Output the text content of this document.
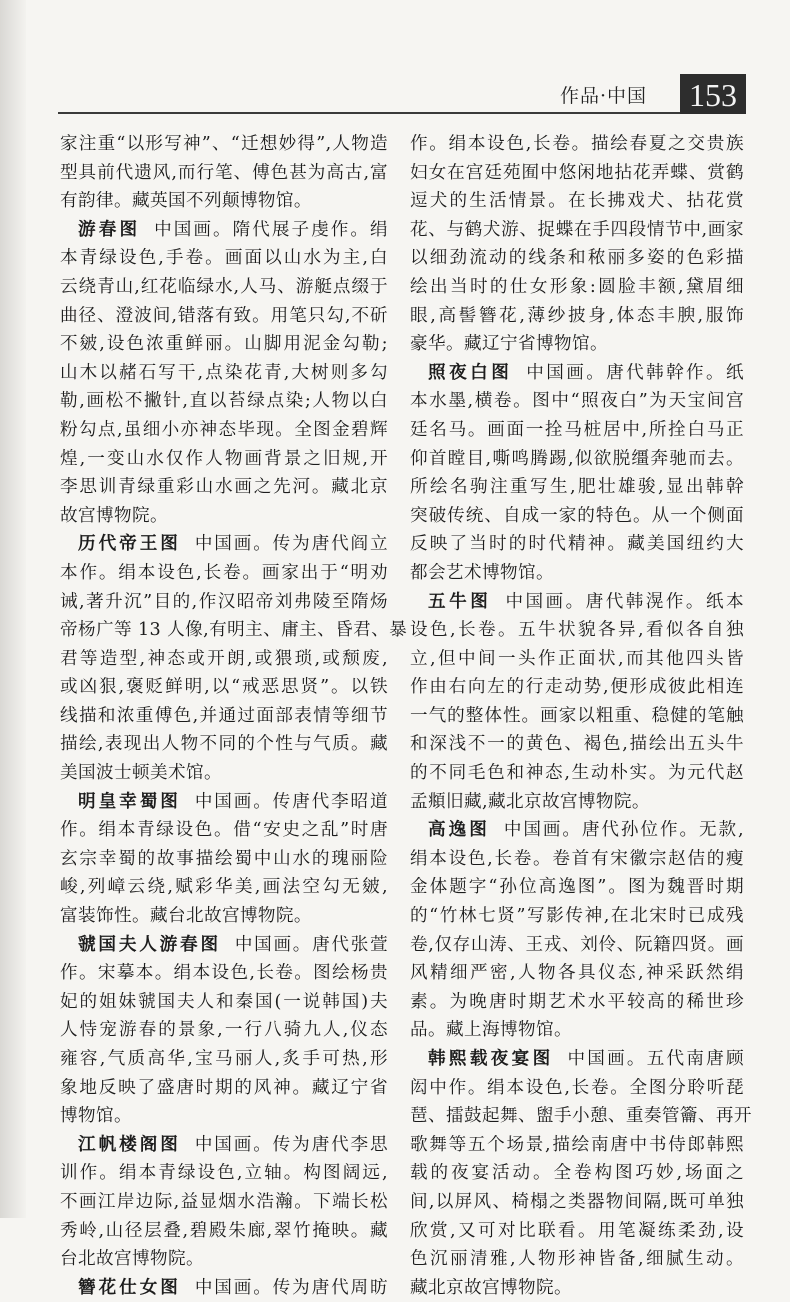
作品·中国 153
家注重“以形写神”、“迁想妙得”,人物造
型具前代遗风,而行笔、傅色甚为高古,富
有韵律。藏英国不列颠博物馆。
游春图 中国画。隋代展子虔作。绢
本青绿设色,手卷。画面以山水为主,白
云绕青山,红花临绿水,人马、游艇点缀于
曲径、澄波间,错落有致。用笔只勾,不斫
不皴,设色浓重鲜丽。山脚用泥金勾勒;
山木以赭石写干,点染花青,大树则多勾
勒,画松不撇针,直以苔绿点染;人物以白
粉勾点,虽细小亦神态毕现。全图金碧辉
煌,一变山水仅作人物画背景之旧规,开
李思训青绿重彩山水画之先河。藏北京
故宫博物院。
历代帝王图 中国画。传为唐代阎立
本作。绢本设色,长卷。画家出于“明劝
诫,著升沉”目的,作汉昭帝刘弗陵至隋炀
帝杨广等 13 人像,有明主、庸主、昏君、暴
君等造型,神态或开朗,或猥琐,或颓废,
或凶狠,褒贬鲜明,以“戒恶思贤”。以铁
线描和浓重傅色,并通过面部表情等细节
描绘,表现出人物不同的个性与气质。藏
美国波士顿美术馆。
明皇幸蜀图 中国画。传唐代李昭道
作。绢本青绿设色。借“安史之乱”时唐
玄宗幸蜀的故事描绘蜀中山水的瑰丽险
峻,列嶂云绕,赋彩华美,画法空勾无皴,
富装饰性。藏台北故宫博物院。
虢国夫人游春图 中国画。唐代张萱
作。宋摹本。绢本设色,长卷。图绘杨贵
妃的姐妹虢国夫人和秦国(一说韩国)夫
人恃宠游春的景象,一行八骑九人,仪态
雍容,气质高华,宝马丽人,炙手可热,形
象地反映了盛唐时期的风神。藏辽宁省
博物馆。
江帆楼阁图 中国画。传为唐代李思
训作。绢本青绿设色,立轴。构图阔远,
不画江岸边际,益显烟水浩瀚。下端长松
秀岭,山径层叠,碧殿朱廊,翠竹掩映。藏
台北故宫博物院。
簪花仕女图 中国画。传为唐代周昉
作。绢本设色,长卷。描绘春夏之交贵族
妇女在宫廷苑囿中悠闲地拈花弄蝶、赏鹤
逗犬的生活情景。在长拂戏犬、拈花赏
花、与鹤犬游、捉蝶在手四段情节中,画家
以细劲流动的线条和秾丽多姿的色彩描
绘出当时的仕女形象:圆脸丰额,黛眉细
眼,高髻簪花,薄纱披身,体态丰腴,服饰
豪华。藏辽宁省博物馆。
照夜白图 中国画。唐代韩幹作。纸
本水墨,横卷。图中“照夜白”为天宝间宫
廷名马。画面一拴马桩居中,所拴白马正
仰首瞠目,嘶鸣腾踢,似欲脱缰奔驰而去。
所绘名驹注重写生,肥壮雄骏,显出韩幹
突破传统、自成一家的特色。从一个侧面
反映了当时的时代精神。藏美国纽约大
都会艺术博物馆。
五牛图 中国画。唐代韩滉作。纸本
设色,长卷。五牛状貌各异,看似各自独
立,但中间一头作正面状,而其他四头皆
作由右向左的行走动势,便形成彼此相连
一气的整体性。画家以粗重、稳健的笔触
和深浅不一的黄色、褐色,描绘出五头牛
的不同毛色和神态,生动朴实。为元代赵
孟頫旧藏,藏北京故宫博物院。
高逸图 中国画。唐代孙位作。无款,
绢本设色,长卷。卷首有宋徽宗赵佶的瘦
金体题字“孙位高逸图”。图为魏晋时期
的“竹林七贤”写影传神,在北宋时已成残
卷,仅存山涛、王戎、刘伶、阮籍四贤。画
风精细严密,人物各具仪态,神采跃然绢
素。为晚唐时期艺术水平较高的稀世珍
品。藏上海博物馆。
韩熙载夜宴图 中国画。五代南唐顾
闳中作。绢本设色,长卷。全图分聆听琵
琶、擂鼓起舞、盥手小憩、重奏管籥、再开
歌舞等五个场景,描绘南唐中书侍郎韩熙
载的夜宴活动。全卷构图巧妙,场面之
间,以屏风、椅榻之类器物间隔,既可单独
欣赏,又可对比联看。用笔凝练柔劲,设
色沉丽清雅,人物形神皆备,细腻生动。
藏北京故宫博物院。
